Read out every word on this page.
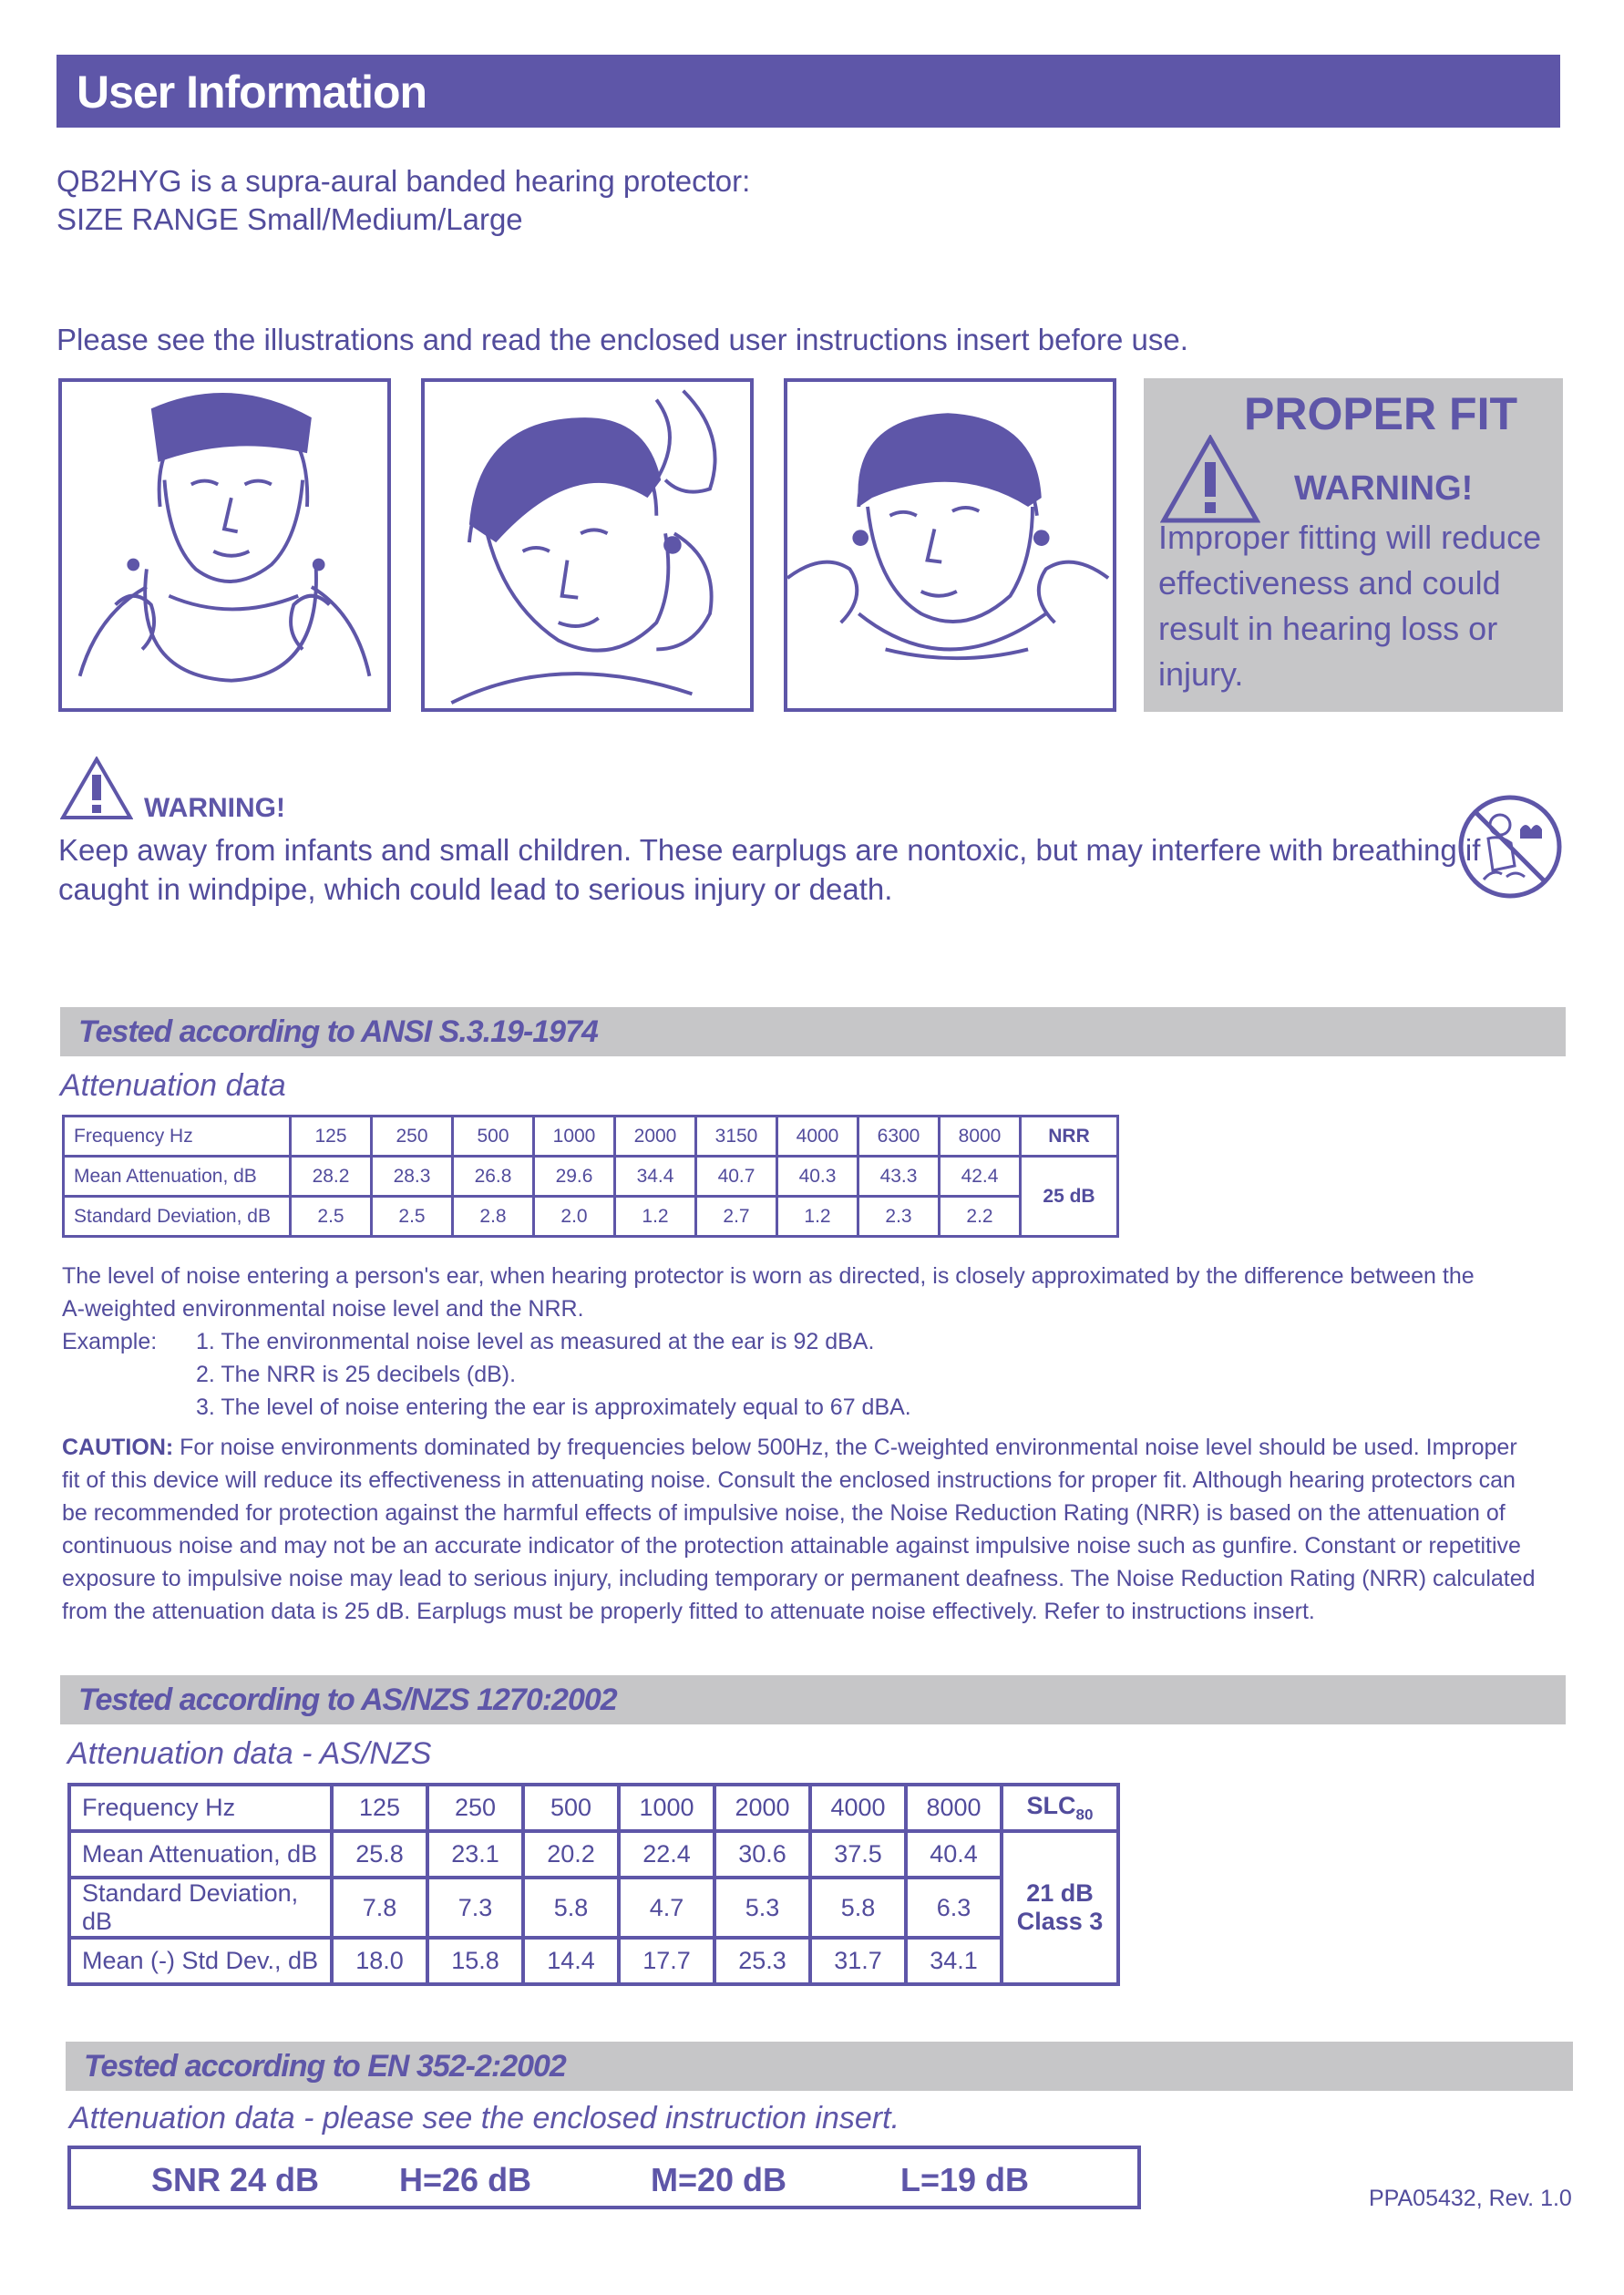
User Information
QB2HYG is a supra-aural banded hearing protector:
SIZE RANGE Small/Medium/Large
Please see the illustrations and read the enclosed user instructions insert before use.
PROPER FIT
WARNING!
Improper fitting will reduce effectiveness and could result in hearing loss or injury.
WARNING!
Keep away from infants and small children. These earplugs are nontoxic, but may interfere with breathing if
caught in windpipe, which could lead to serious injury or death.
Tested according to ANSI S.3.19-1974
Attenuation data
Frequency Hz	125	250	500	1000	2000	3150	4000	6300	8000	NRR
Mean Attenuation, dB	28.2	28.3	26.8	29.6	34.4	40.7	40.3	43.3	42.4	25 dB
Standard Deviation, dB	2.5	2.5	2.8	2.0	1.2	2.7	1.2	2.3	2.2	
The level of noise entering a person's ear, when hearing protector is worn as directed, is closely approximated by the difference between the
A-weighted environmental noise level and the NRR.
Example: 1. The environmental noise level as measured at the ear is 92 dBA.
2. The NRR is 25 decibels (dB).
3. The level of noise entering the ear is approximately equal to 67 dBA.
CAUTION: For noise environments dominated by frequencies below 500Hz, the C-weighted environmental noise level should be used. Improper
fit of this device will reduce its effectiveness in attenuating noise. Consult the enclosed instructions for proper fit. Although hearing protectors can
be recommended for protection against the harmful effects of impulsive noise, the Noise Reduction Rating (NRR) is based on the attenuation of
continuous noise and may not be an accurate indicator of the protection attainable against impulsive noise such as gunfire. Constant or repetitive
exposure to impulsive noise may lead to serious injury, including temporary or permanent deafness. The Noise Reduction Rating (NRR) calculated
from the attenuation data is 25 dB. Earplugs must be properly fitted to attenuate noise effectively. Refer to instructions insert.
Tested according to AS/NZS 1270:2002
Attenuation data - AS/NZS
Frequency Hz	125	250	500	1000	2000	4000	8000	$SLC_{80}$
Mean Attenuation, dB	25.8	23.1	20.2	22.4	30.6	37.5	40.4	21 dB
Class 3

Standard Deviation, dB	7.8	7.3	5.8	4.7	5.3	5.8	6.3	
Mean (-) Std Dev., dB	18.0	15.8	14.4	17.7	25.3	31.7	34.1	
Tested according to EN 352-2:2002
Attenuation data - please see the enclosed instruction insert.
SNR 24 dB H=26 dB	M=20 dB	L=19 dB	PPA05432, Rev. 1.0
